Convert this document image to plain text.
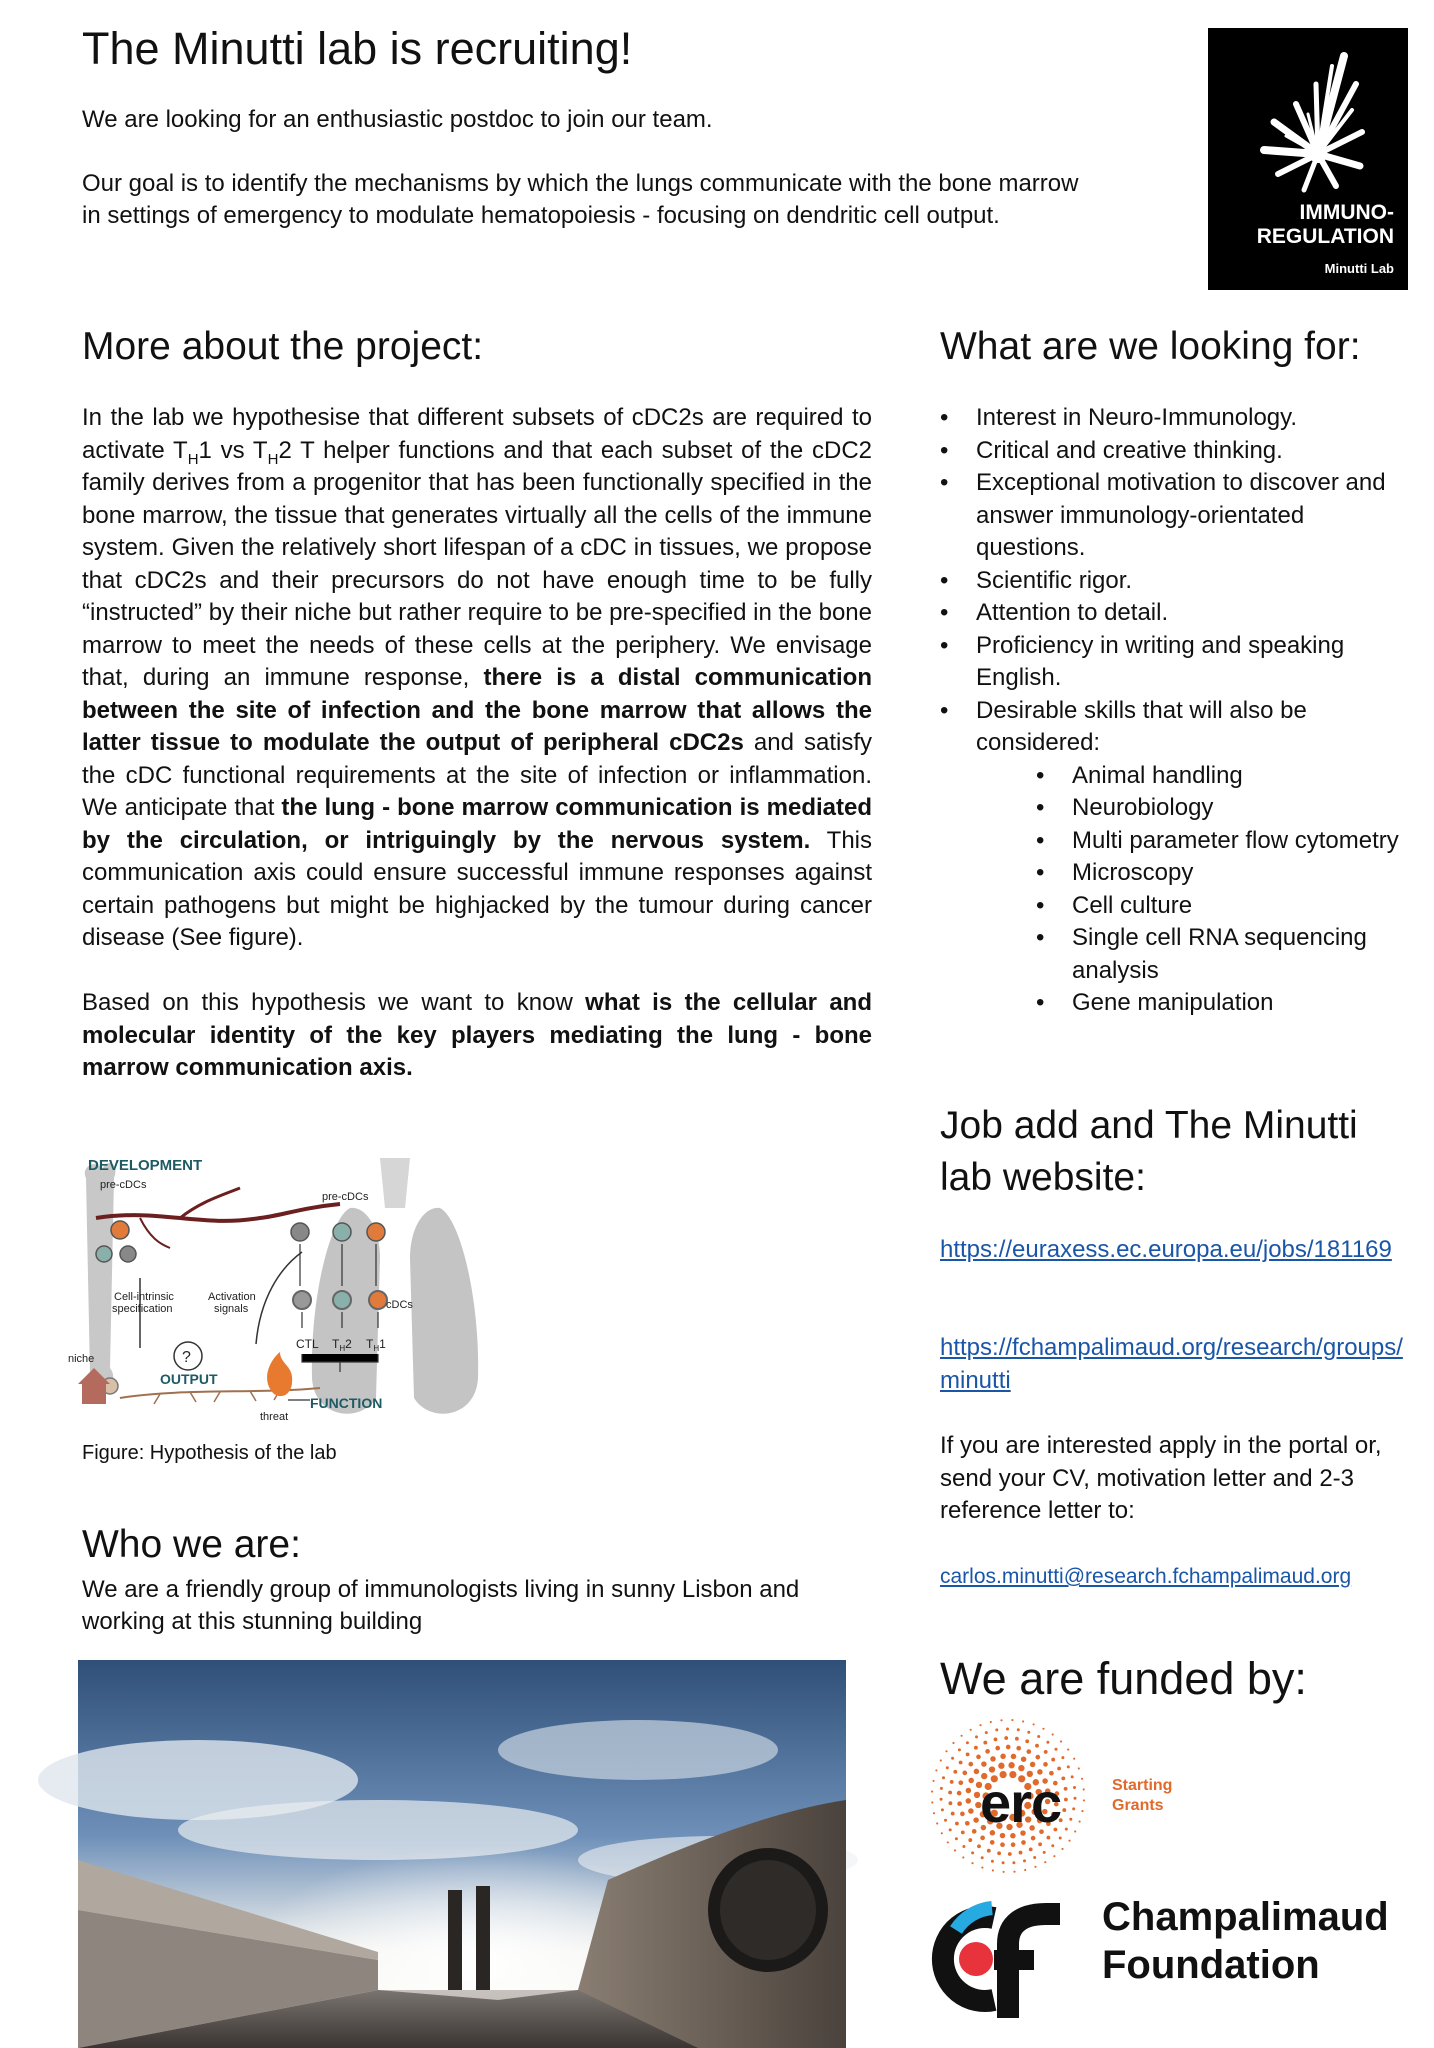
The Minutti lab is recruiting!

We are looking for an enthusiastic postdoc to join our team.

Our goal is to identify the mechanisms by which the lungs communicate with the bone marrow in settings of emergency to modulate hematopoiesis - focusing on dendritic cell output.	IMMUNO-
REGULATION
Minutti Lab
More about the project:

In the lab we hypothesise that different subsets of cDC2s are required to activate $T_H1$ vs $T_H2$ T helper functions and that each subset of the cDC2 family derives from a progenitor that has been functionally specified in the bone marrow, the tissue that generates virtually all the cells of the immune system. Given the relatively short lifespan of a cDC in tissues, we propose that cDC2s and their precursors do not have enough time to be fully “instructed” by their niche but rather require to be pre-specified in the bone marrow to meet the needs of these cells at the periphery. We envisage that, during an immune response, there is a distal communication between the site of infection and the bone marrow that allows the latter tissue to modulate the output of peripheral cDC2s and satisfy the cDC functional requirements at the site of infection or inflammation. We anticipate that the lung - bone marrow communication is mediated by the circulation, or intriguingly by the nervous system. This communication axis could ensure successful immune responses against certain pathogens but might be highjacked by the tumour during cancer disease (See figure).

Based on this hypothesis we want to know what is the cellular and molecular identity of the key players mediating the lung - bone marrow communication axis.

DEVELOPMENT
pre-cDCs
pre-cDCs
Cell-intrinsic
specification
Activation
signals	cDCs
niche	?
OUTPUT
CTL $T_H2$ $T_H1$
FUNCTION
threat
Figure: Hypothesis of the lab
Who we are:

We are a friendly group of immunologists living in sunny Lisbon and working at this stunning building

What are we looking for:
• Interest in Neuro-Immunology.
• Critical and creative thinking.
• Exceptional motivation to discover and answer immunology-orientated questions.
• Scientific rigor.
• Attention to detail.
• Proficiency in writing and speaking English.
• Desirable skills that will also be considered:
• Animal handling
• Neurobiology
• Multi parameter flow cytometry
• Microscopy
• Cell culture
• Single cell RNA sequencing analysis
• Gene manipulation
Job add and The Minutti lab website:
https://euraxess.ec.europa.eu/jobs/181169
https://fchampalimaud.org/research/groups/minutti

If you are interested apply in the portal or, send your CV, motivation letter and 2-3 reference letter to:

carlos.minutti@research.fchampalimaud.org
We are funded by:
erc	Starting
Grants
Champalimaud
Foundation
